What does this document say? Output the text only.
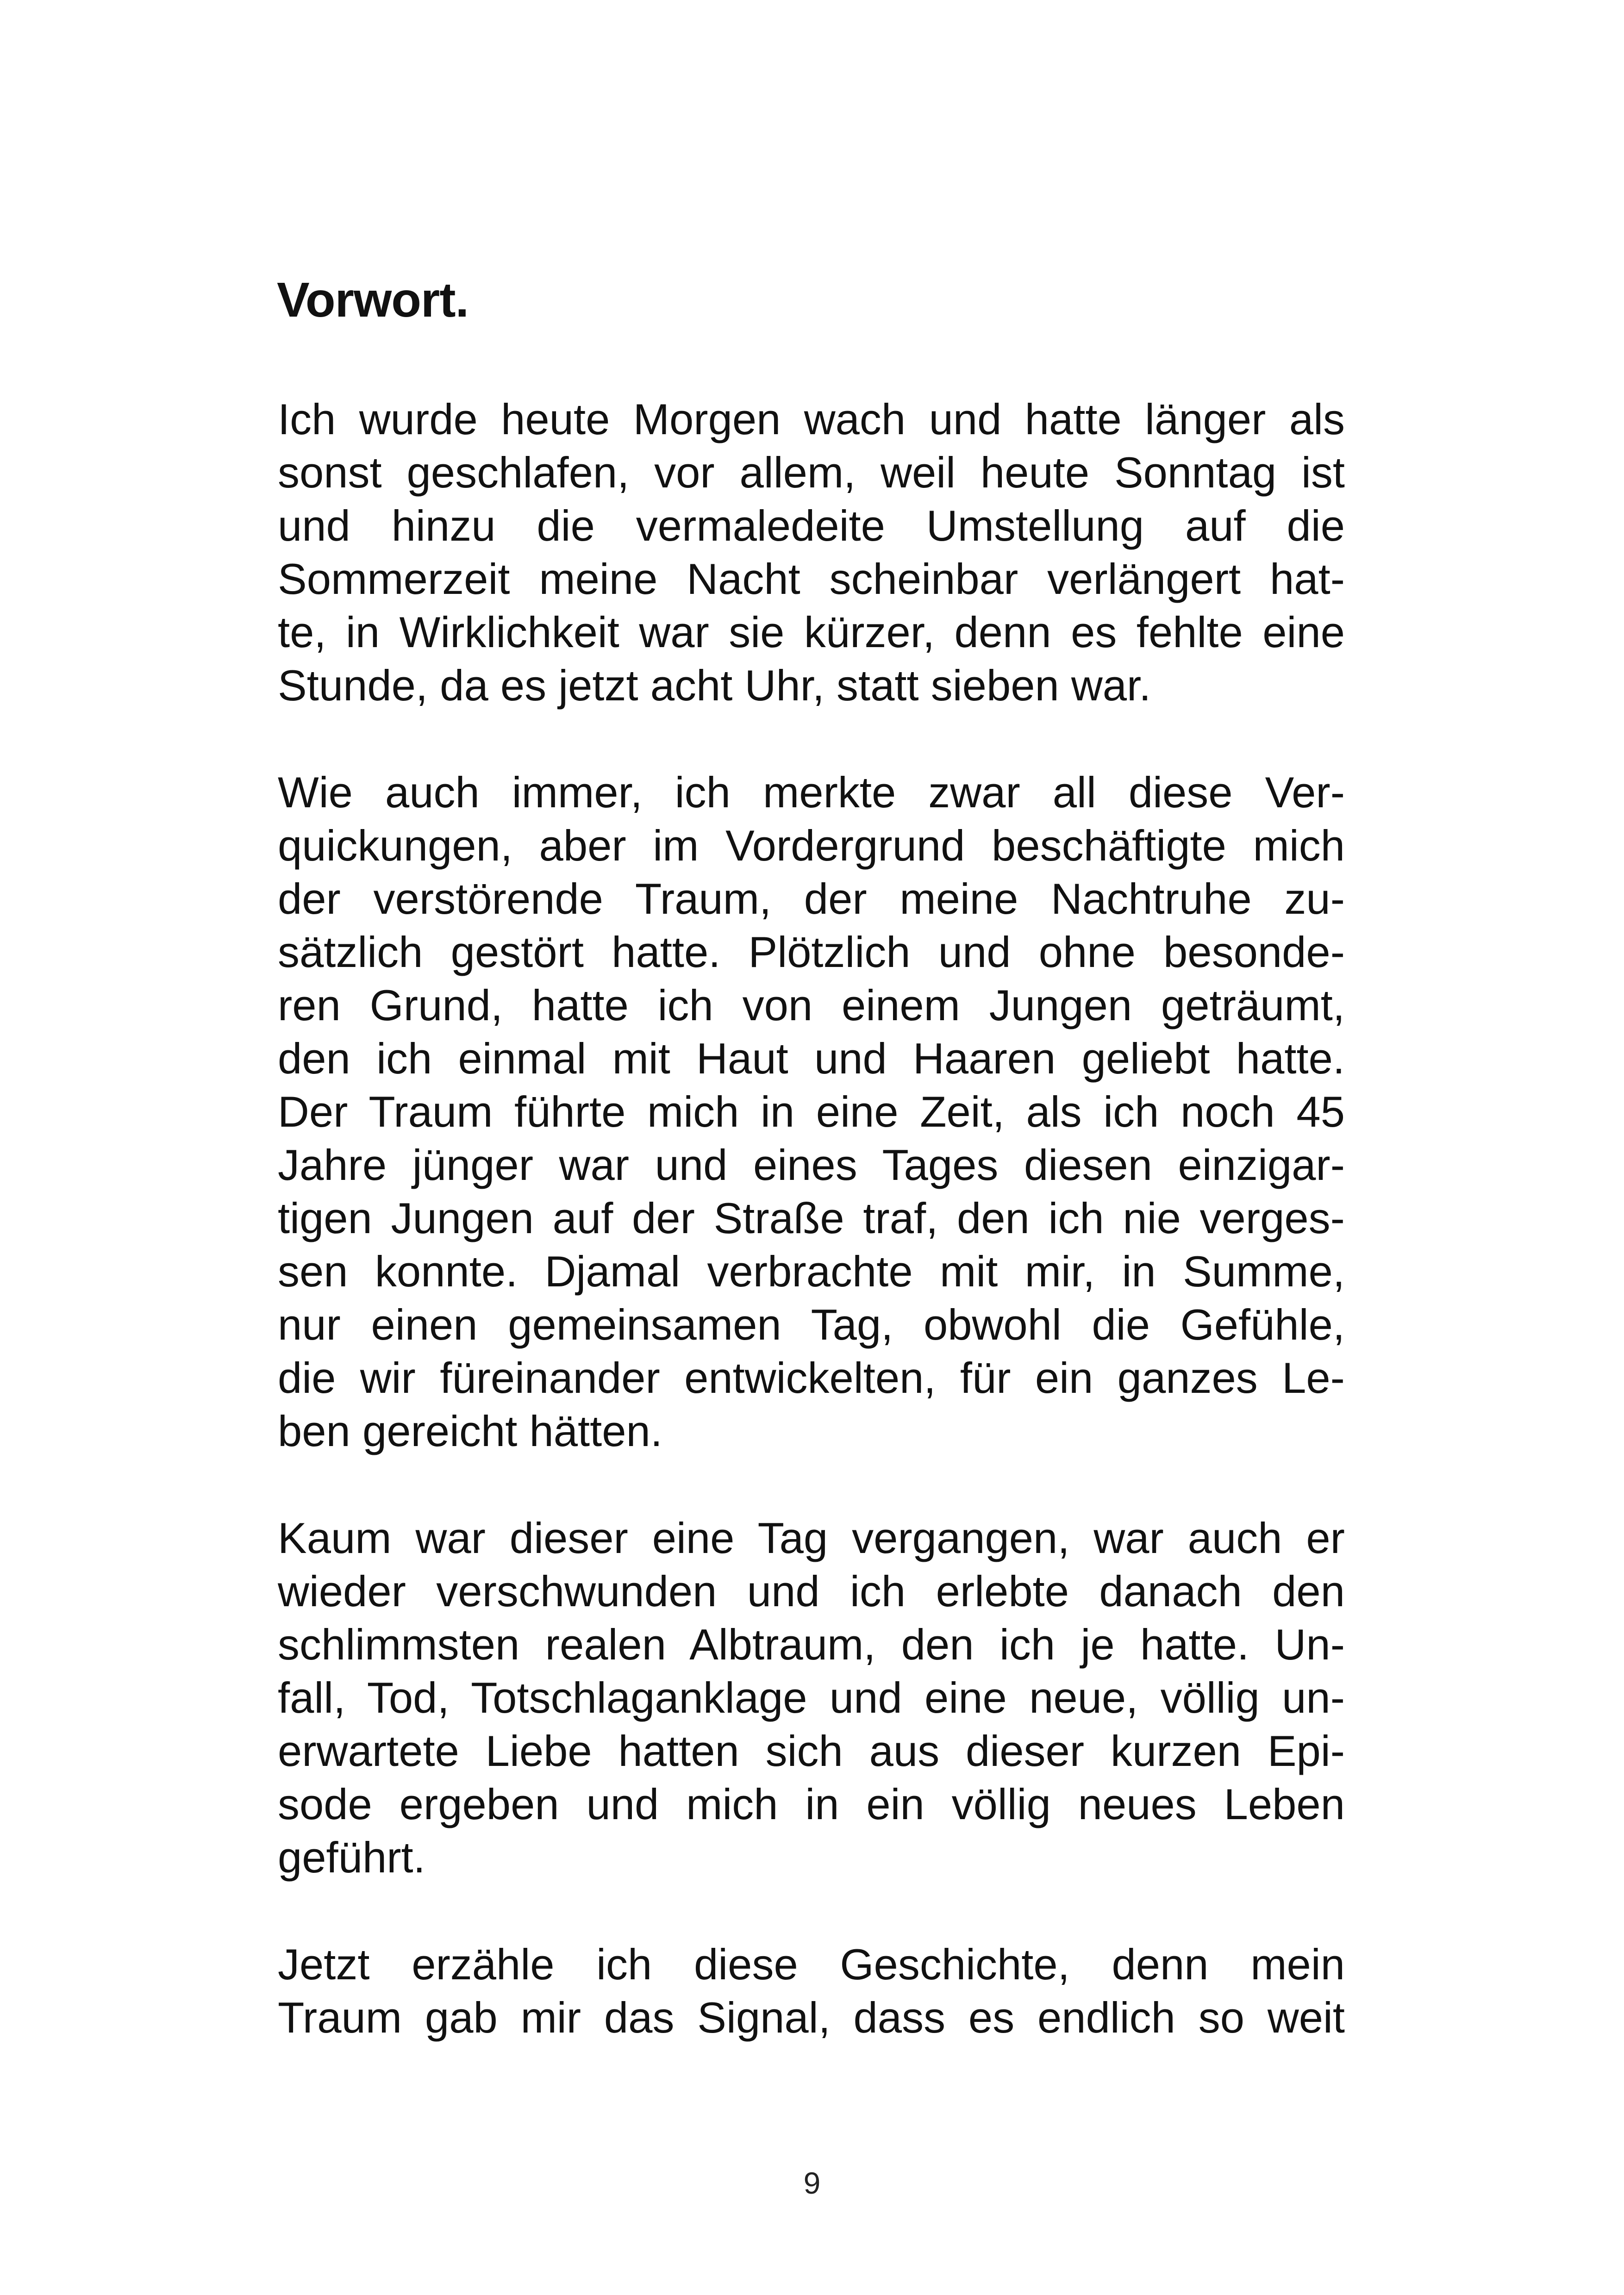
Vorwort.
Ich wurde heute Morgen wach und hatte länger als
sonst geschlafen, vor allem, weil heute Sonntag ist
und hinzu die vermaledeite Umstellung auf die
Sommerzeit meine Nacht scheinbar verlängert hat-
te, in Wirklichkeit war sie kürzer, denn es fehlte eine
Stunde, da es jetzt acht Uhr, statt sieben war.
Wie auch immer, ich merkte zwar all diese Ver-
quickungen, aber im Vordergrund beschäftigte mich
der verstörende Traum, der meine Nachtruhe zu-
sätzlich gestört hatte. Plötzlich und ohne besonde-
ren Grund, hatte ich von einem Jungen geträumt,
den ich einmal mit Haut und Haaren geliebt hatte.
Der Traum führte mich in eine Zeit, als ich noch 45
Jahre jünger war und eines Tages diesen einzigar-
tigen Jungen auf der Straße traf, den ich nie verges-
sen konnte. Djamal verbrachte mit mir, in Summe,
nur einen gemeinsamen Tag, obwohl die Gefühle,
die wir füreinander entwickelten, für ein ganzes Le-
ben gereicht hätten.
Kaum war dieser eine Tag vergangen, war auch er
wieder verschwunden und ich erlebte danach den
schlimmsten realen Albtraum, den ich je hatte. Un-
fall, Tod, Totschlaganklage und eine neue, völlig un-
erwartete Liebe hatten sich aus dieser kurzen Epi-
sode ergeben und mich in ein völlig neues Leben
geführt.
Jetzt erzähle ich diese Geschichte, denn mein
Traum gab mir das Signal, dass es endlich so weit
9
